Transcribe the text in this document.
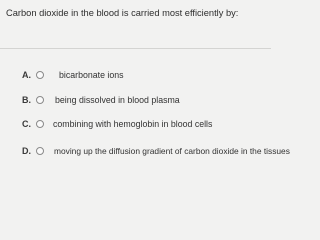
Carbon dioxide in the blood is carried most efficiently by:
A.	bicarbonate ions
B.	being dissolved in blood plasma
C.	combining with hemoglobin in blood cells
D.	moving up the diffusion gradient of carbon dioxide in the tissues
